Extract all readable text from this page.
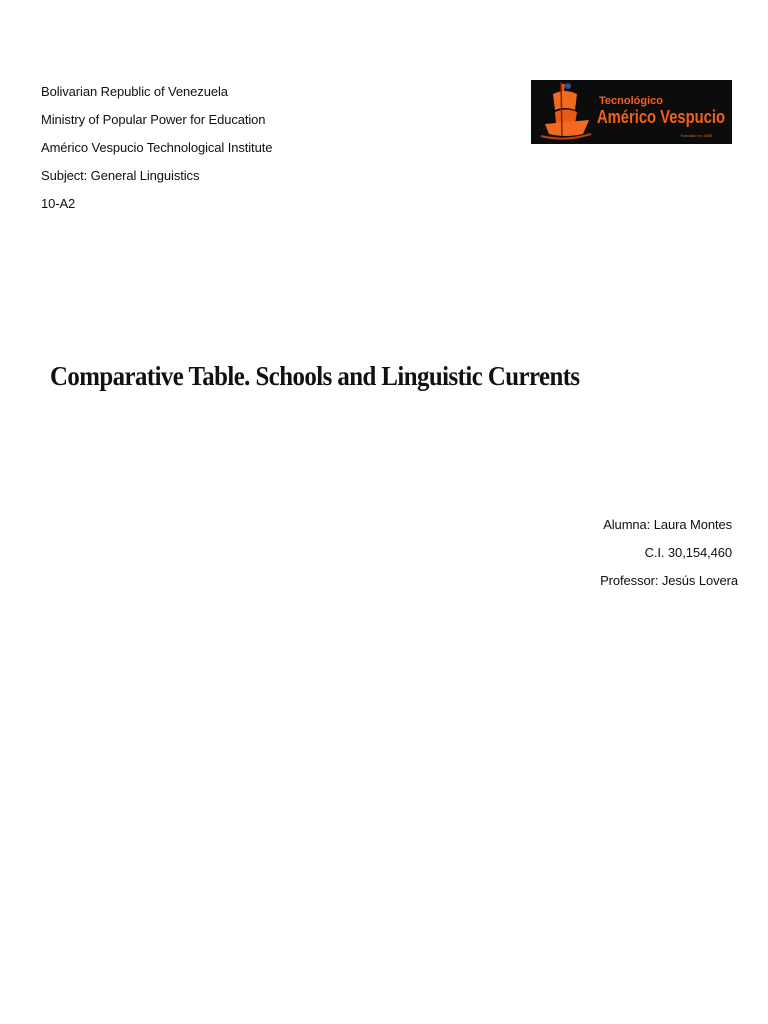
Bolivarian Republic of Venezuela
Ministry of Popular Power for Education
Américo Vespucio Technological Institute
Subject: General Linguistics
10-A2
Tecnológico
Américo Vespucio
Fundado en 1988
Comparative Table. Schools and Linguistic Currents
Alumna: Laura Montes
C.I. 30,154,460
Professor: Jesús Lovera
